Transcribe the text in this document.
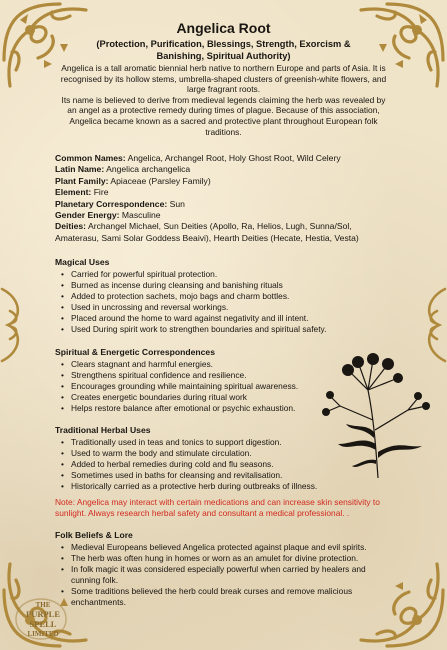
Angelica Root
(Protection, Purification, Blessings, Strength, Exorcism & Banishing, Spiritual Authority)
Angelica is a tall aromatic biennial herb native to northern Europe and parts of Asia. It is recognised by its hollow stems, umbrella-shaped clusters of greenish-white flowers, and large fragrant roots.
Its name is believed to derive from medieval legends claiming the herb was revealed by an angel as a protective remedy during times of plague. Because of this association, Angelica became known as a sacred and protective plant throughout European folk traditions.
Common Names: Angelica, Archangel Root, Holy Ghost Root, Wild Celery
Latin Name: Angelica archangelica
Plant Family: Apiaceae (Parsley Family)
Element: Fire
Planetary Correspondence: Sun
Gender Energy: Masculine
Deities: Archangel Michael, Sun Deities (Apollo, Ra, Helios, Lugh, Sunna/Sol, Amaterasu, Sami Solar Goddess Beaivi), Hearth Deities (Hecate, Hestia, Vesta)
Magical Uses
• Carried for powerful spiritual protection.
• Burned as incense during cleansing and banishing rituals
• Added to protection sachets, mojo bags and charm bottles.
• Used in uncrossing and reversal workings.
• Placed around the home to ward against negativity and ill intent.
• Used During spirit work to strengthen boundaries and spiritual safety.
Spiritual & Energetic Correspondences
• Clears stagnant and harmful energies.
• Strengthens spiritual confidence and resilience.
• Encourages grounding while maintaining spiritual awareness.
• Creates energetic boundaries during ritual work
• Helps restore balance after emotional or psychic exhaustion.
Traditional Herbal Uses
• Traditionally used in teas and tonics to support digestion.
• Used to warm the body and stimulate circulation.
• Added to herbal remedies during cold and flu seasons.
• Sometimes used in baths for cleansing and revitalisation.
• Historically carried as a protective herb during outbreaks of illness.
Note: Angelica may interact with certain medications and can increase skin sensitivity to sunlight. Always research herbal safety and consultant a medical professional. .
Folk Beliefs & Lore
• Medieval Europeans believed Angelica protected against plaque and evil spirits.
• The herb was often hung in homes or worn as an amulet for divine protection.
• In folk magic it was considered especially powerful when carried by healers and cunning folk.
• Some traditions believed the herb could break curses and remove malicious enchantments.
THE
PURPLE
SPELL
LIMITED
